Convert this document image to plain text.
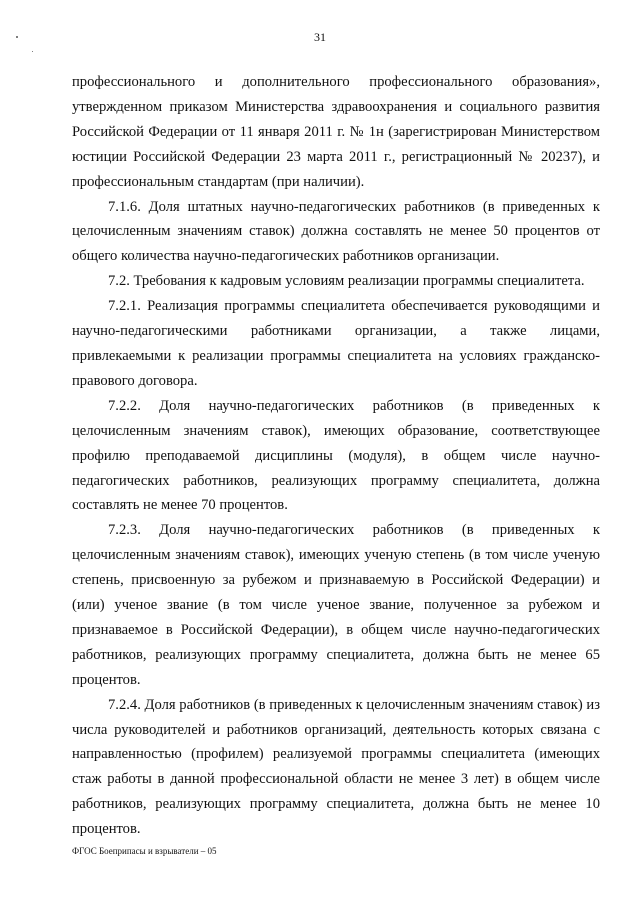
31

профессионального и дополнительного профессионального образования», утвержденном приказом Министерства здравоохранения и социального развития Российской Федерации от 11 января 2011 г. № 1н (зарегистрирован Министерством юстиции Российской Федерации 23 марта 2011 г., регистрационный № 20237), и профессиональным стандартам (при наличии).

7.1.6. Доля штатных научно-педагогических работников (в приведенных к целочисленным значениям ставок) должна составлять не менее 50 процентов от общего количества научно-педагогических работников организации.

7.2. Требования к кадровым условиям реализации программы специалитета.

7.2.1. Реализация программы специалитета обеспечивается руководящими и научно-педагогическими работниками организации, а также лицами, привлекаемыми к реализации программы специалитета на условиях гражданско-правового договора.

7.2.2. Доля научно-педагогических работников (в приведенных к целочисленным значениям ставок), имеющих образование, соответствующее профилю преподаваемой дисциплины (модуля), в общем числе научно-педагогических работников, реализующих программу специалитета, должна составлять не менее 70 процентов.

7.2.3. Доля научно-педагогических работников (в приведенных к целочисленным значениям ставок), имеющих ученую степень (в том числе ученую степень, присвоенную за рубежом и признаваемую в Российской Федерации) и (или) ученое звание (в том числе ученое звание, полученное за рубежом и признаваемое в Российской Федерации), в общем числе научно-педагогических работников, реализующих программу специалитета, должна быть не менее 65 процентов.

7.2.4. Доля работников (в приведенных к целочисленным значениям ставок) из числа руководителей и работников организаций, деятельность которых связана с направленностью (профилем) реализуемой программы специалитета (имеющих стаж работы в данной профессиональной области не менее 3 лет) в общем числе работников, реализующих программу специалитета, должна быть не менее 10 процентов.

ФГОС Боеприпасы и взрыватели – 05
